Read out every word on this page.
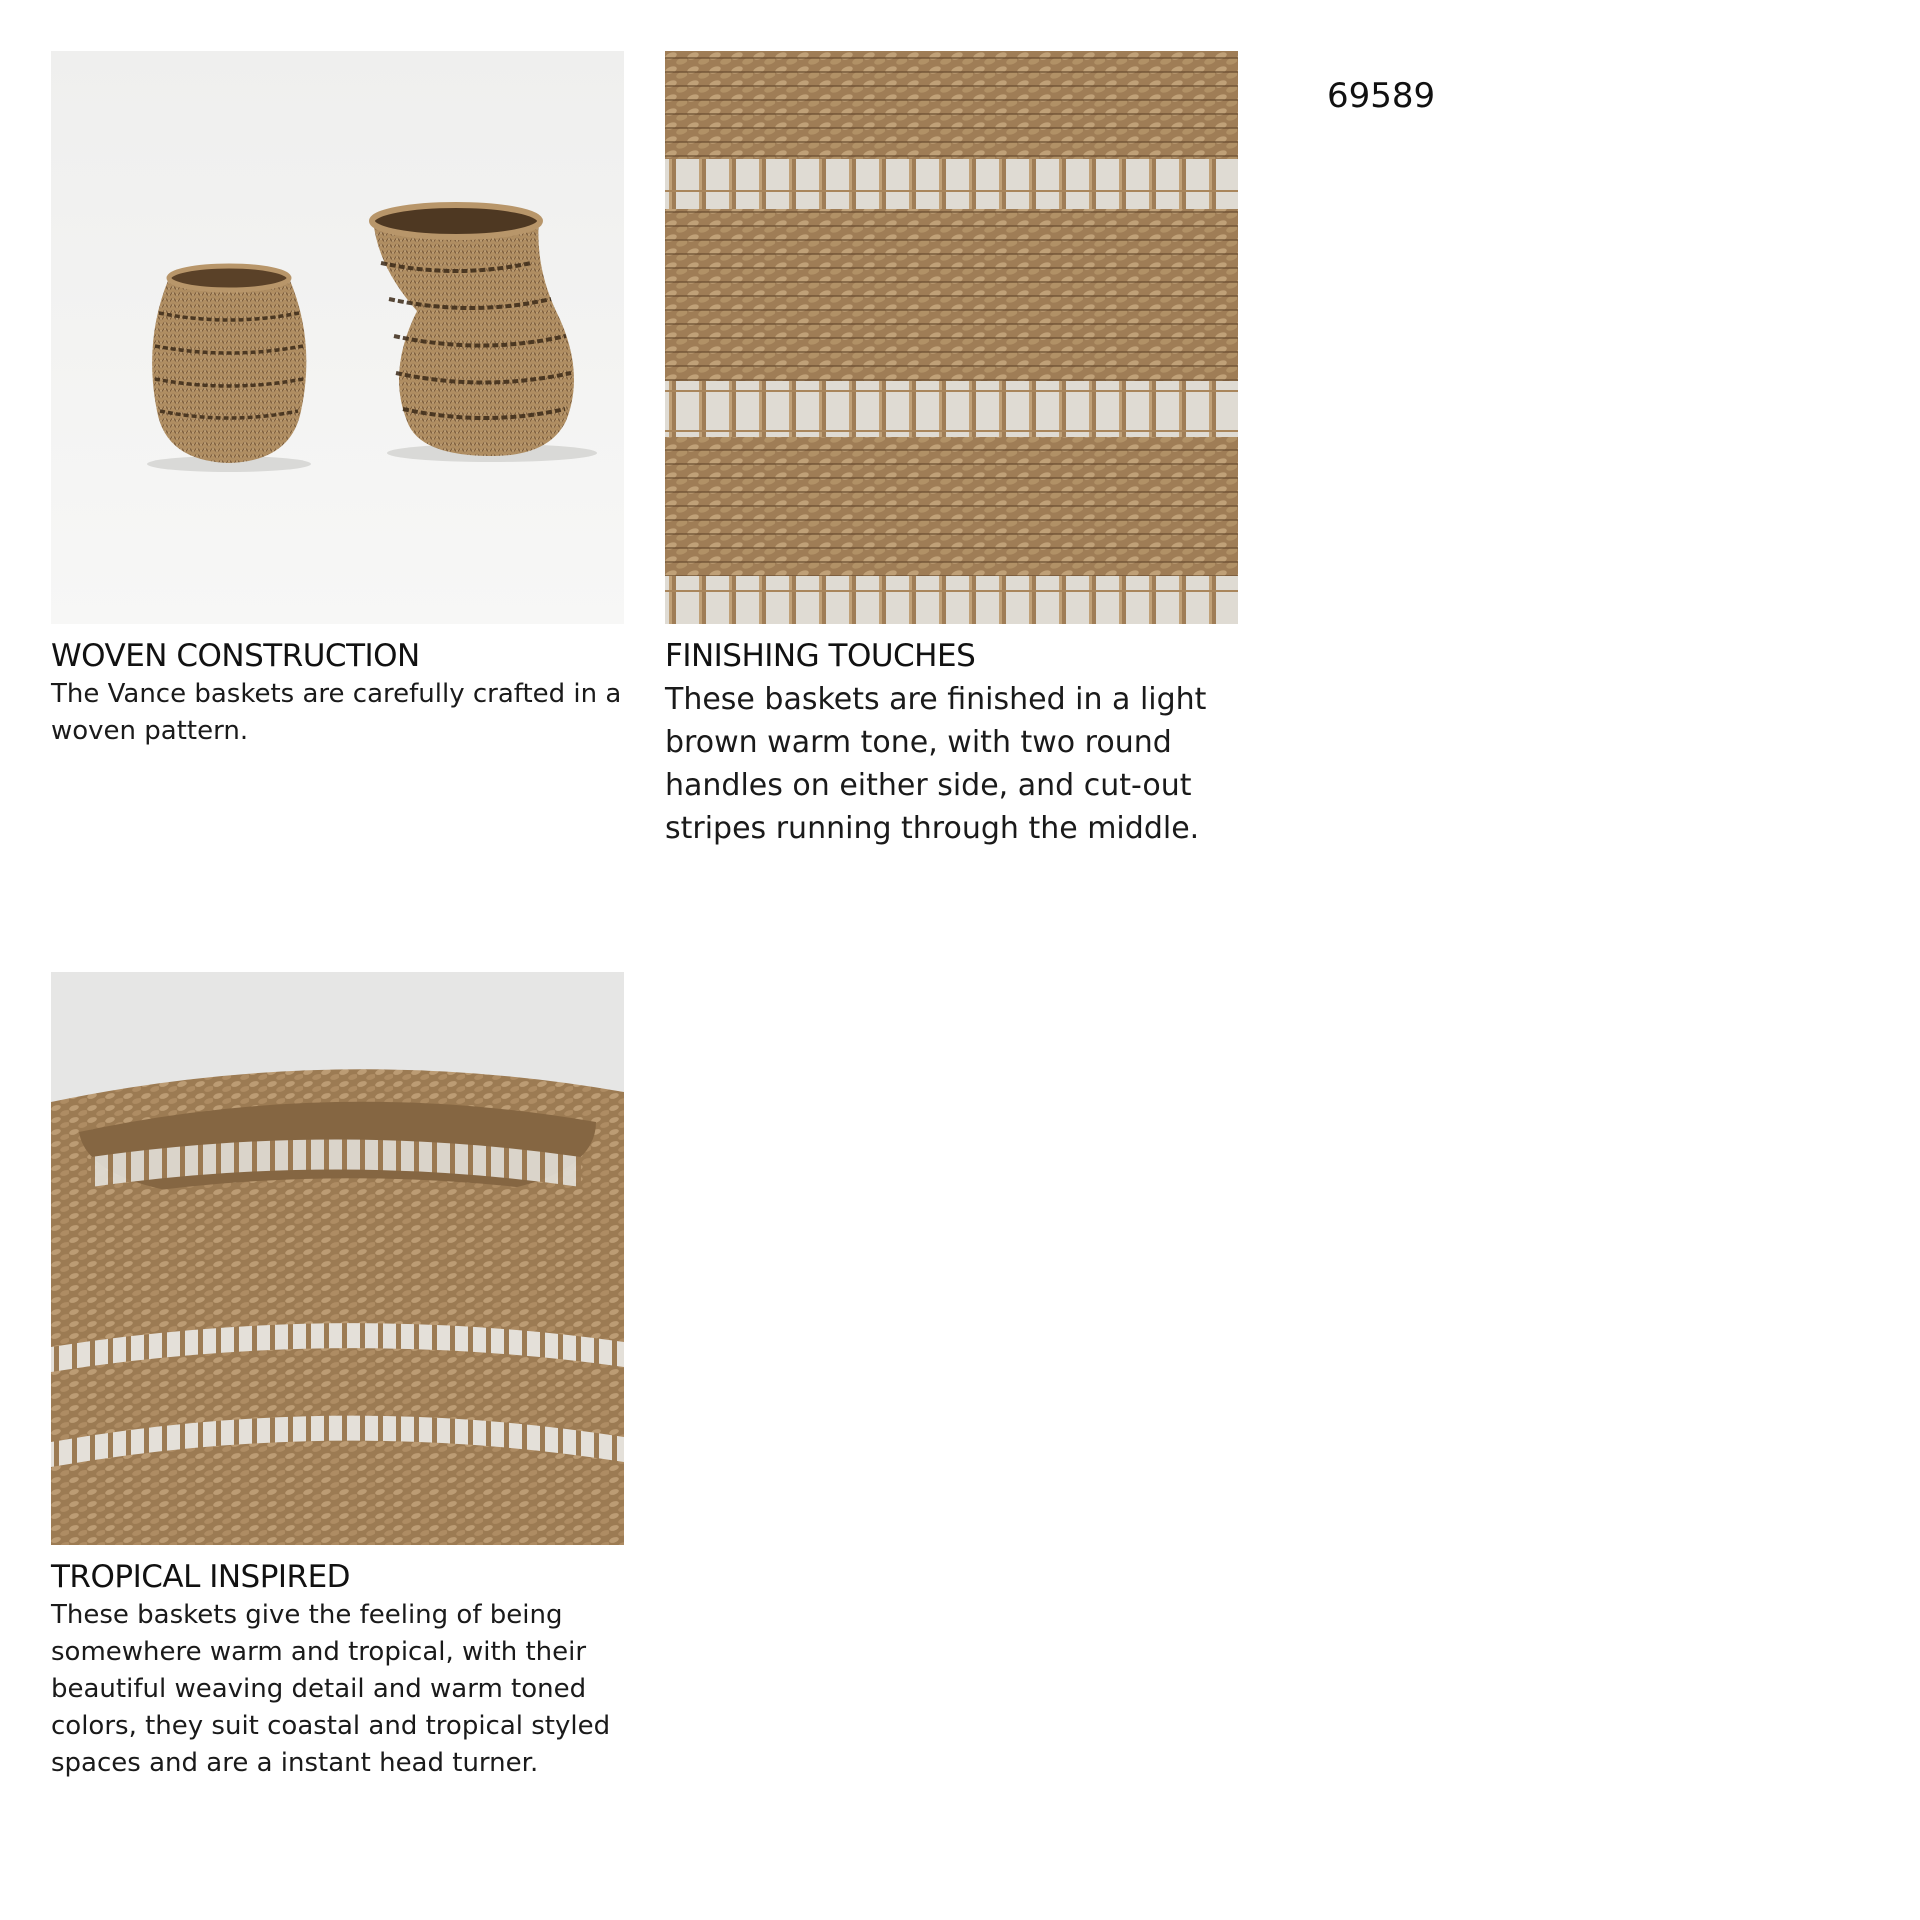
69589
WOVEN CONSTRUCTION
The Vance baskets are carefully crafted in a woven pattern.
FINISHING TOUCHES
These baskets are finished in a light brown warm tone, with two round handles on either side, and cut-out stripes running through the middle.
TROPICAL INSPIRED
These baskets give the feeling of being somewhere warm and tropical, with their beautiful weaving detail and warm toned colors, they suit coastal and tropical styled spaces and are a instant head turner.
